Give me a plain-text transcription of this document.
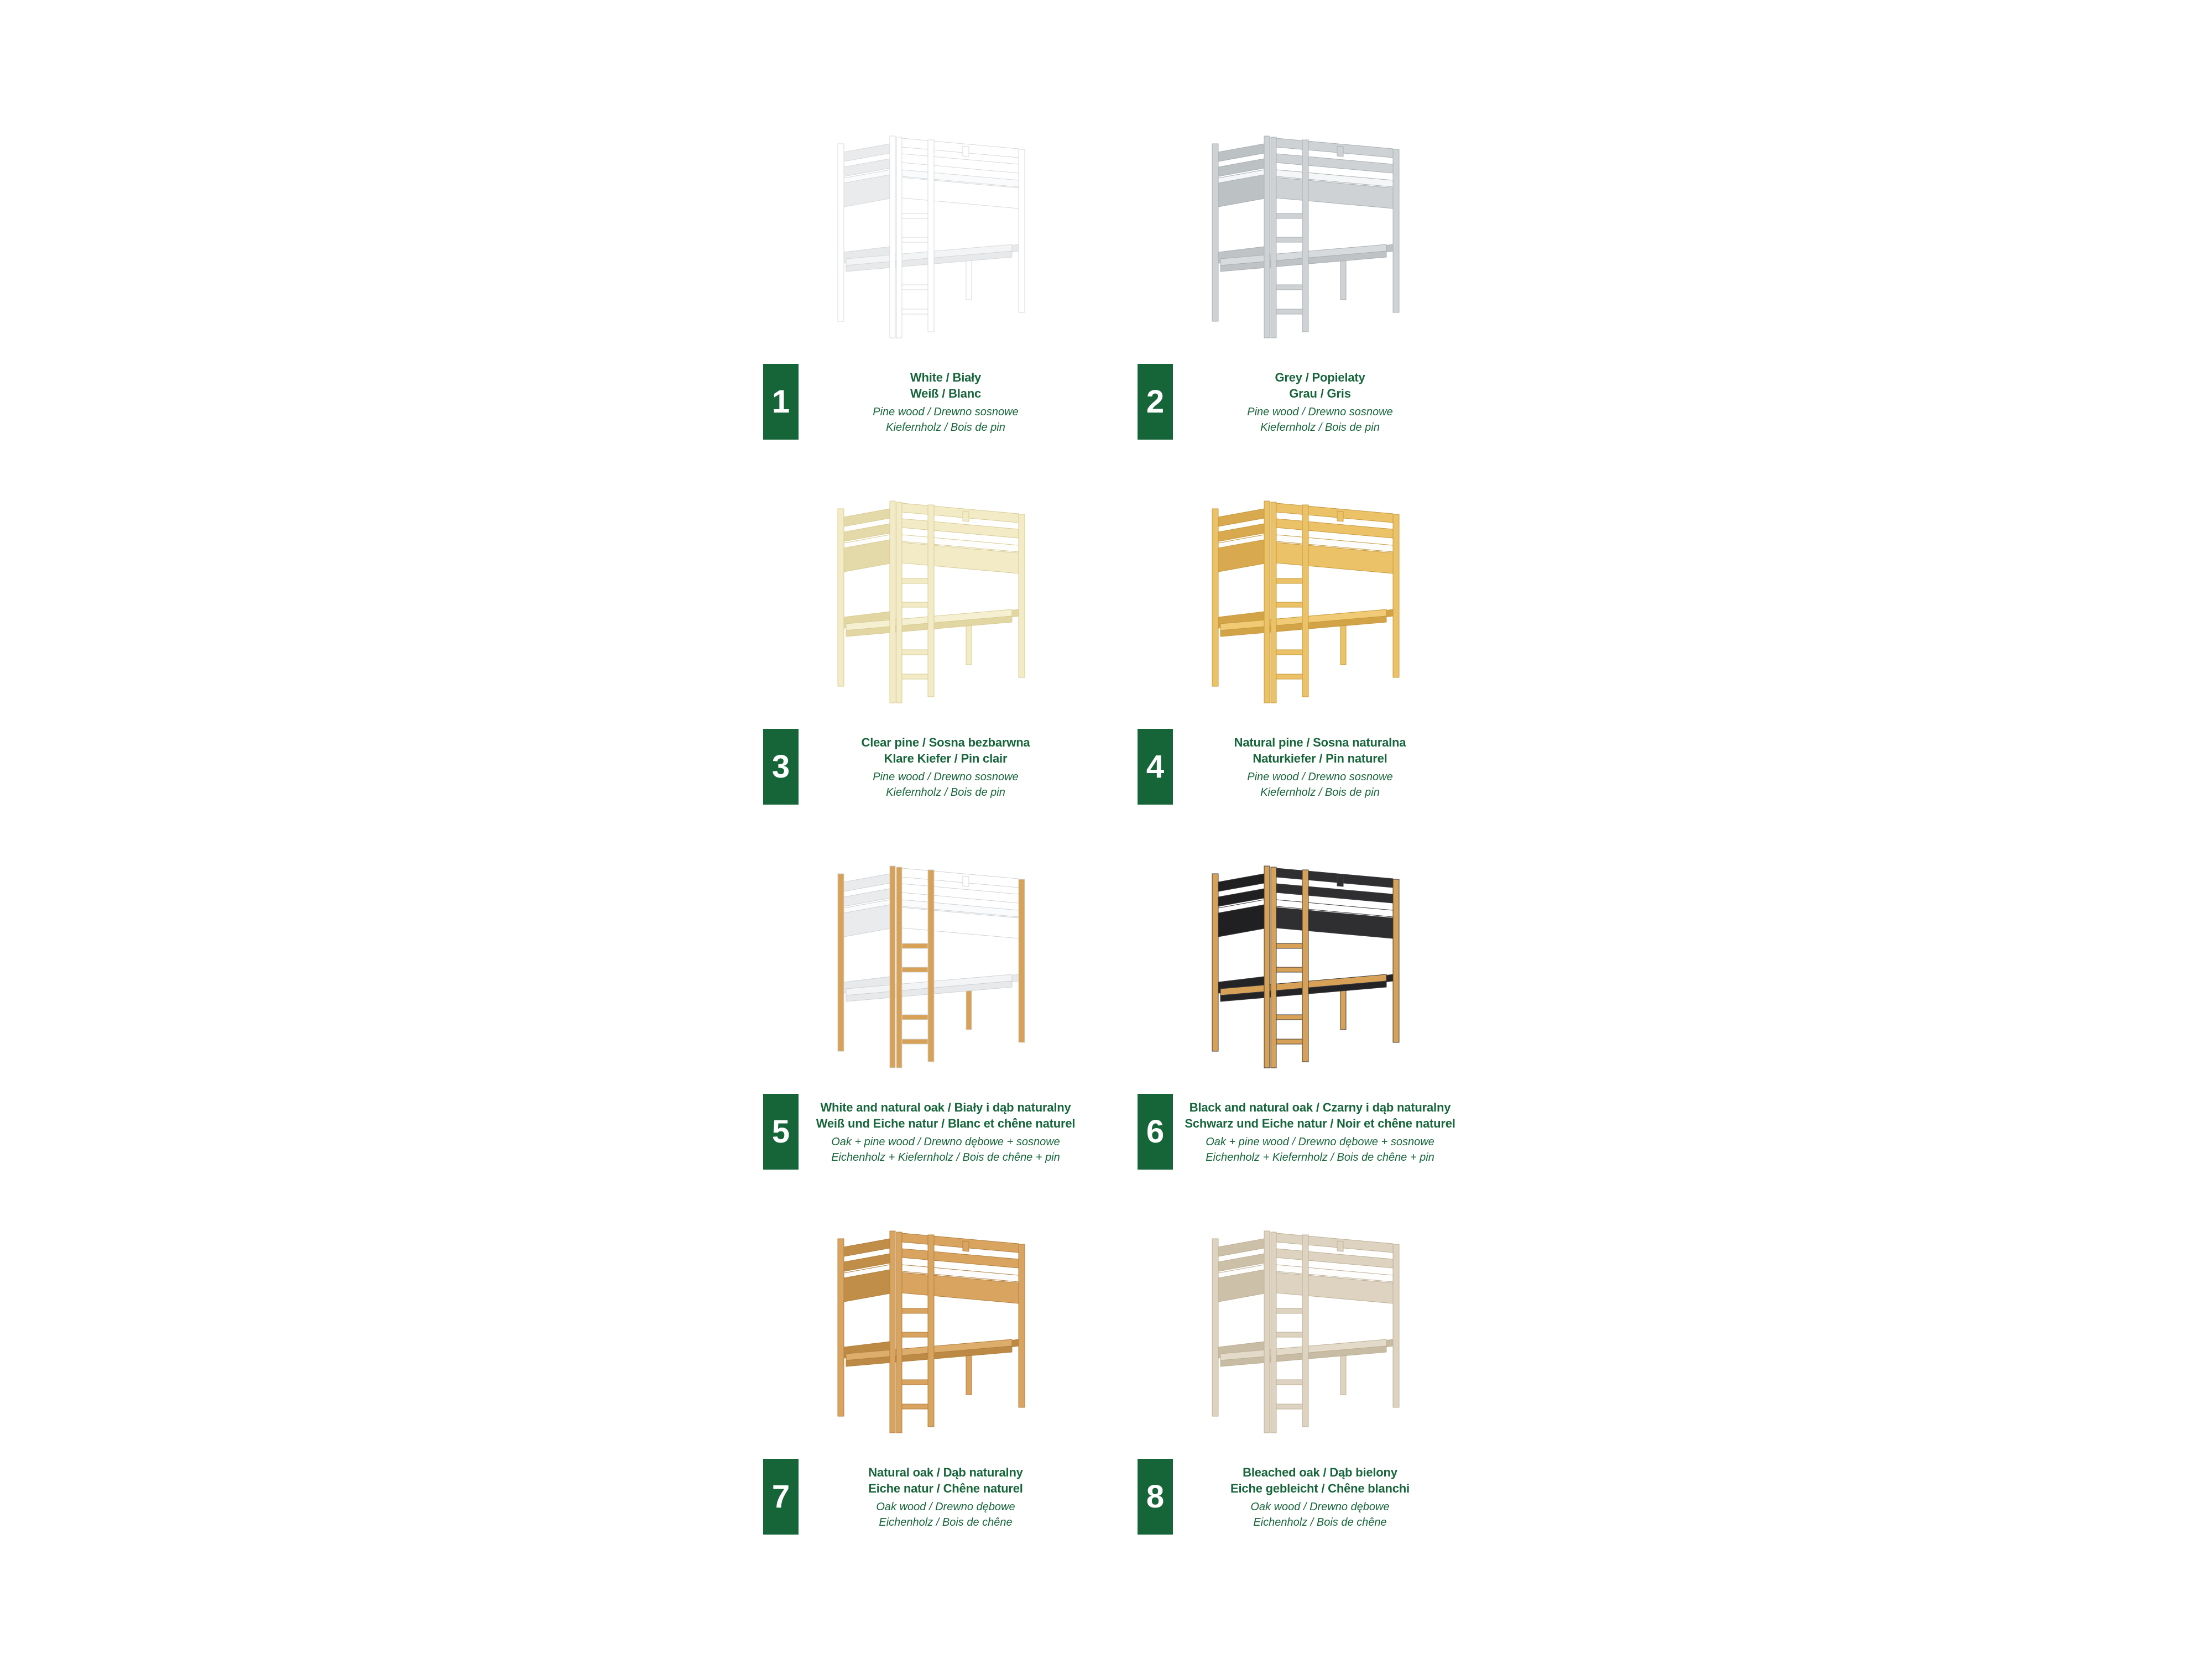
1

White / Biały

Weiß / Blanc

Pine wood / Drewno sosnowe

Kiefernholz / Bois de pin

2

Grey / Popielaty

Grau / Gris

Pine wood / Drewno sosnowe

Kiefernholz / Bois de pin

3

Clear pine / Sosna bezbarwna

Klare Kiefer / Pin clair

Pine wood / Drewno sosnowe

Kiefernholz / Bois de pin

4

Natural pine / Sosna naturalna

Naturkiefer / Pin naturel

Pine wood / Drewno sosnowe

Kiefernholz / Bois de pin

5

White and natural oak / Biały i dąb naturalny

Weiß und Eiche natur / Blanc et chêne naturel

Oak + pine wood / Drewno dębowe + sosnowe

Eichenholz + Kiefernholz / Bois de chêne + pin

6

Black and natural oak / Czarny i dąb naturalny

Schwarz und Eiche natur / Noir et chêne naturel

Oak + pine wood / Drewno dębowe + sosnowe

Eichenholz + Kiefernholz / Bois de chêne + pin

7

Natural oak / Dąb naturalny

Eiche natur / Chêne naturel

Oak wood / Drewno dębowe

Eichenholz / Bois de chêne

8

Bleached oak / Dąb bielony

Eiche gebleicht / Chêne blanchi

Oak wood / Drewno dębowe

Eichenholz / Bois de chêne
